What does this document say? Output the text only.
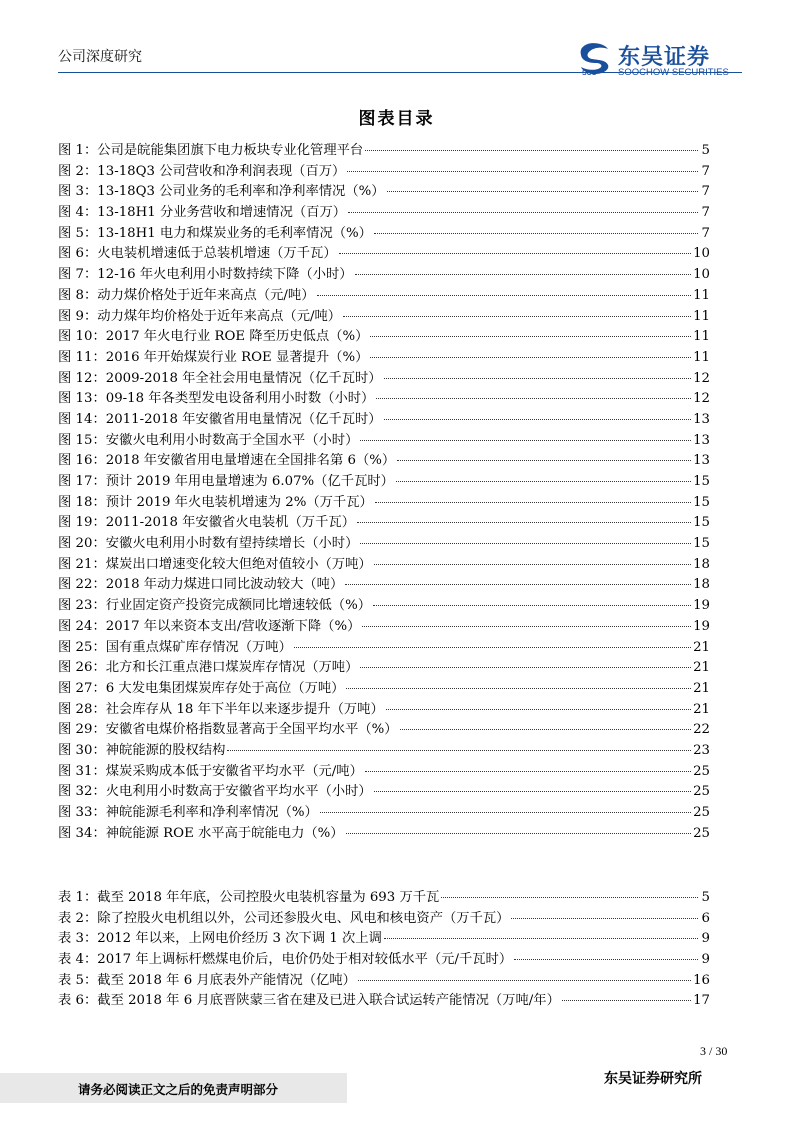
公司深度研究
SCS
东吴证券
SOOCHOW SECURITIES
图表目录
图 1：公司是皖能集团旗下电力板块专业化管理平台	5
图 2：13-18Q3 公司营收和净利润表现（百万）	7
图 3：13-18Q3 公司业务的毛利率和净利率情况（%）	7
图 4：13-18H1 分业务营收和增速情况（百万）	7
图 5：13-18H1 电力和煤炭业务的毛利率情况（%）	7
图 6：火电装机增速低于总装机增速（万千瓦）	10
图 7：12-16 年火电利用小时数持续下降（小时）	10
图 8：动力煤价格处于近年来高点（元/吨）	11
图 9：动力煤年均价格处于近年来高点（元/吨）	11
图 10：2017 年火电行业 ROE 降至历史低点（%）	11
图 11：2016 年开始煤炭行业 ROE 显著提升（%）	11
图 12：2009-2018 年全社会用电量情况（亿千瓦时）	12
图 13：09-18 年各类型发电设备利用小时数（小时）	12
图 14：2011-2018 年安徽省用电量情况（亿千瓦时）	13
图 15：安徽火电利用小时数高于全国水平（小时）	13
图 16：2018 年安徽省用电量增速在全国排名第 6（%）	13
图 17：预计 2019 年用电量增速为 6.07%（亿千瓦时）	15
图 18：预计 2019 年火电装机增速为 2%（万千瓦）	15
图 19：2011-2018 年安徽省火电装机（万千瓦）	15
图 20：安徽火电利用小时数有望持续增长（小时）	15
图 21：煤炭出口增速变化较大但绝对值较小（万吨）	18
图 22：2018 年动力煤进口同比波动较大（吨）	18
图 23：行业固定资产投资完成额同比增速较低（%）	19
图 24：2017 年以来资本支出/营收逐渐下降（%）	19
图 25：国有重点煤矿库存情况（万吨）	21
图 26：北方和长江重点港口煤炭库存情况（万吨）	21
图 27：6 大发电集团煤炭库存处于高位（万吨）	21
图 28：社会库存从 18 年下半年以来逐步提升（万吨）	21
图 29：安徽省电煤价格指数显著高于全国平均水平（%）	22
图 30：神皖能源的股权结构	23
图 31：煤炭采购成本低于安徽省平均水平（元/吨）	25
图 32：火电利用小时数高于安徽省平均水平（小时）	25
图 33：神皖能源毛利率和净利率情况（%）	25
图 34：神皖能源 ROE 水平高于皖能电力（%）	25
表 1：截至 2018 年年底，公司控股火电装机容量为 693 万千瓦	5
表 2：除了控股火电机组以外，公司还参股火电、风电和核电资产（万千瓦）	6
表 3：2012 年以来，上网电价经历 3 次下调 1 次上调	9
表 4：2017 年上调标杆燃煤电价后，电价仍处于相对较低水平（元/千瓦时）	9
表 5：截至 2018 年 6 月底表外产能情况（亿吨）	16
表 6：截至 2018 年 6 月底晋陕蒙三省在建及已进入联合试运转产能情况（万吨/年）	17
3 / 30
请务必阅读正文之后的免责声明部分
东吴证券研究所
